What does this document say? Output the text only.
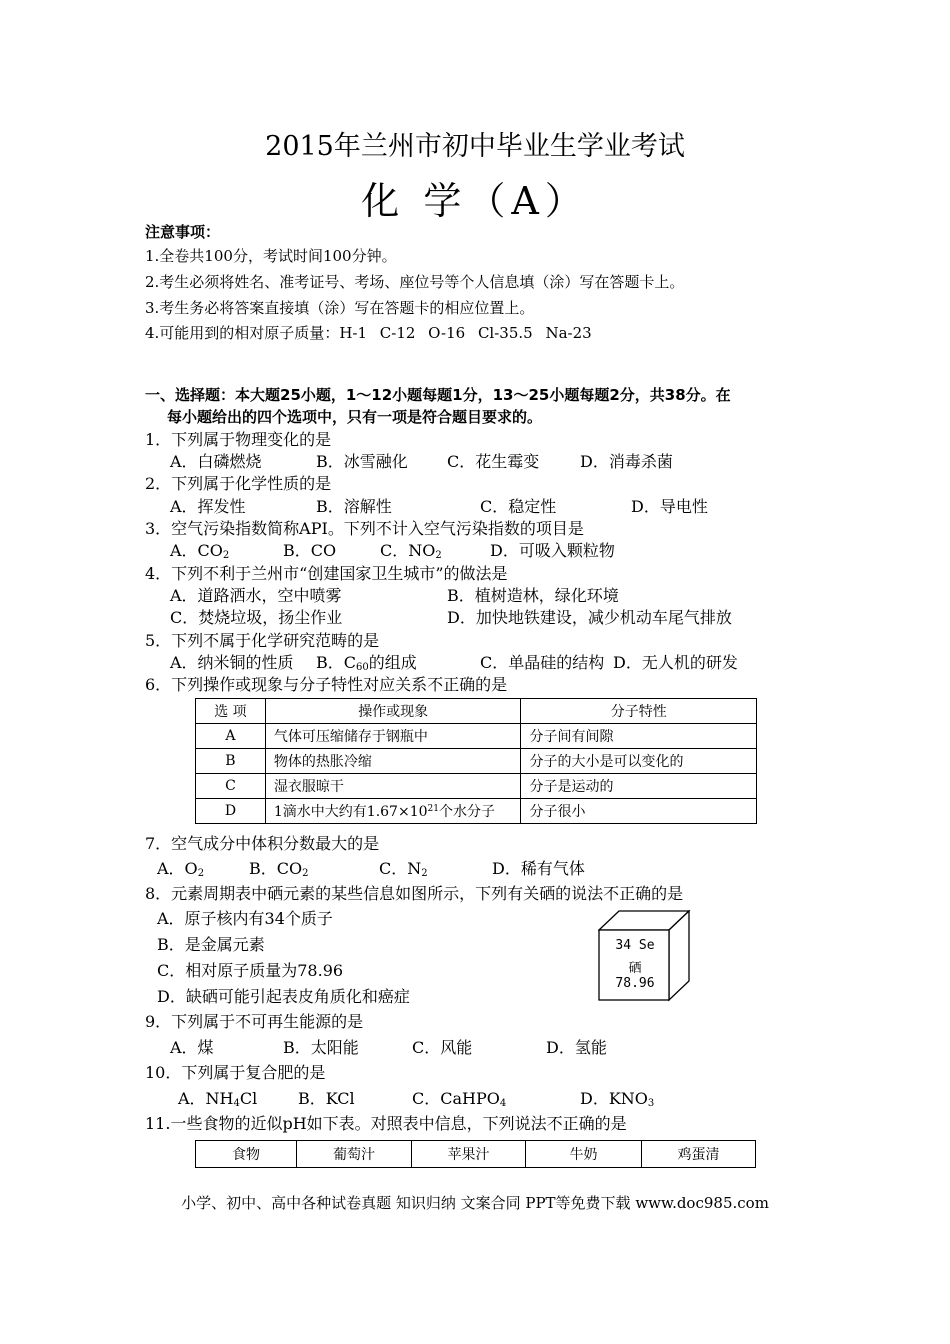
2015年兰州市初中毕业生学业考试
化 学（A）
注意事项：
1.全卷共100分，考试时间100分钟。
2.考生必须将姓名、准考证号、考场、座位号等个人信息填（涂）写在答题卡上。
3.考生务必将答案直接填（涂）写在答题卡的相应位置上。
4.可能用到的相对原子质量：H-1 C-12 O-16 Cl-35.5 Na-23
一、选择题：本大题25小题，1～12小题每题1分，13～25小题每题2分，共38分。在
每小题给出的四个选项中，只有一项是符合题目要求的。
1．下列属于物理变化的是
A．白磷燃烧	B．冰雪融化 C．花生霉变	D．消毒杀菌
2．下列属于化学性质的是
A．挥发性	B．溶解性	C．稳定性	D．导电性
3．空气污染指数简称API。下列不计入空气污染指数的项目是
A．$CO_2$	B．CO	C．$NO_2$	D．可吸入颗粒物
4．下列不利于兰州市“创建国家卫生城市”的做法是
A．道路洒水，空中喷雾	B．植树造林，绿化环境
C．焚烧垃圾，扬尘作业	D．加快地铁建设，减少机动车尾气排放
5．下列不属于化学研究范畴的是
A．纳米铜的性质 B．$C_{60}$的组成	C．单晶硅的结构 D．无人机的研发
6．下列操作或现象与分子特性对应关系不正确的是
选 项	操作或现象	分子特性
A	气体可压缩储存于钢瓶中	分子间有间隙
B	物体的热胀冷缩	分子的大小是可以变化的
C	湿衣服晾干	分子是运动的
D	1滴水中大约有$1.67\times 10^{21}$个水分子	分子很小
7．空气成分中体积分数最大的是
A．$O_2$	B．$CO_2$	C．$N_2$	D．稀有气体
8．元素周期表中硒元素的某些信息如图所示，下列有关硒的说法不正确的是
A．原子核内有34个质子
B．是金属元素
C．相对原子质量为78.96
D．缺硒可能引起表皮角质化和癌症
34 Se
硒
78.96
9．下列属于不可再生能源的是
A．煤	B．太阳能	C．风能	D．氢能
10．下列属于复合肥的是
A．$NH_4Cl$	B．KCl	C．CaHPO$_4$	D．$KNO_3$
11.一些食物的近似pH如下表。对照表中信息，下列说法不正确的是
食物	葡萄汁	苹果汁	牛奶	鸡蛋清
小学、初中、高中各种试卷真题 知识归纳 文案合同 PPT等免费下载 www.doc985.com
